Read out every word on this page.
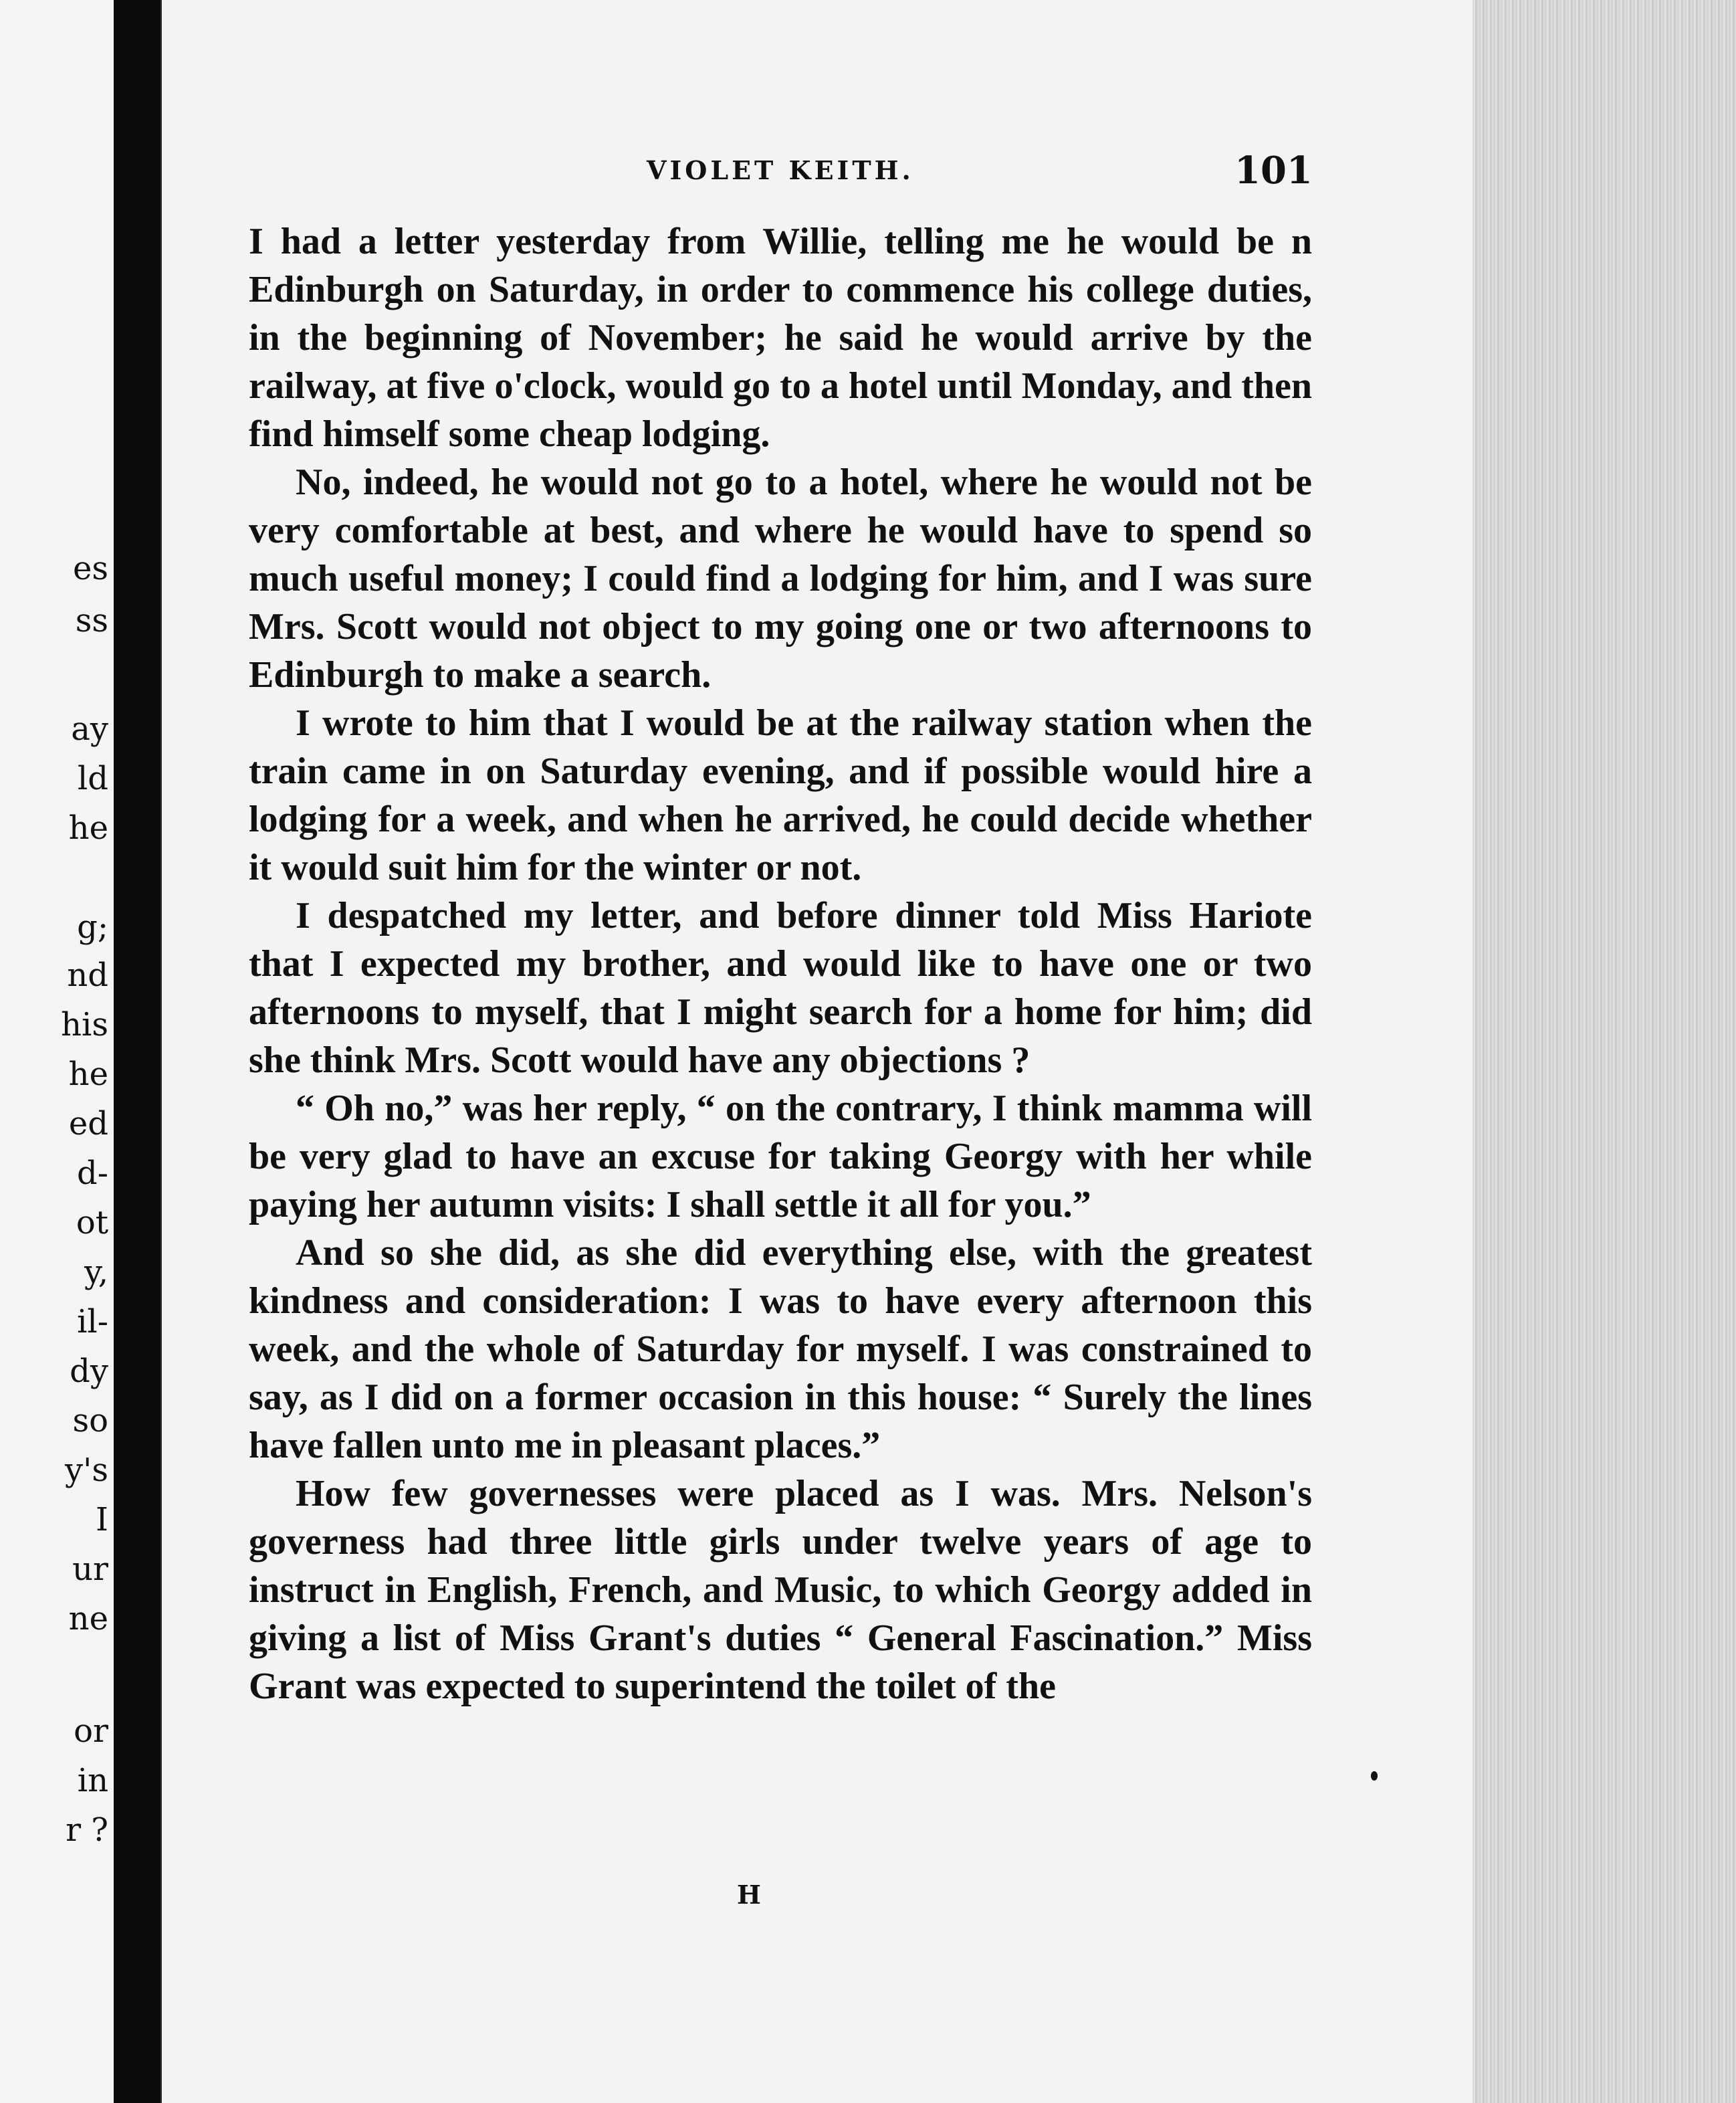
es
ss
ay
ld
he
g;
nd
his
he
ed
d-
ot
y,
il-
dy
so
y's
I
ur
ne
or
in
r ?
VIOLET KEITH.	101

I had a letter yesterday from Willie, telling me he would be n Edinburgh on Saturday, in order to commence his college duties, in the beginning of November; he said he would arrive by the railway, at five o'clock, would go to a hotel until Monday, and then find himself some cheap lodging.

No, indeed, he would not go to a hotel, where he would not be very comfortable at best, and where he would have to spend so much useful money; I could find a lodging for him, and I was sure Mrs. Scott would not object to my going one or two afternoons to Edinburgh to make a search.

I wrote to him that I would be at the railway station when the train came in on Saturday evening, and if possible would hire a lodging for a week, and when he arrived, he could decide whether it would suit him for the winter or not.

I despatched my letter, and before dinner told Miss Hariote that I expected my brother, and would like to have one or two afternoons to myself, that I might search for a home for him; did she think Mrs. Scott would have any objections ?

“ Oh no,” was her reply, “ on the contrary, I think mamma will be very glad to have an excuse for taking Georgy with her while paying her autumn visits: I shall settle it all for you.”

And so she did, as she did everything else, with the greatest kindness and consideration: I was to have every afternoon this week, and the whole of Saturday for myself. I was constrained to say, as I did on a former occasion in this house: “ Surely the lines have fallen unto me in pleasant places.”

How few governesses were placed as I was. Mrs. Nelson's governess had three little girls under twelve years of age to instruct in English, French, and Music, to which Georgy added in giving a list of Miss Grant's duties “ General Fascination.” Miss Grant was expected to superintend the toilet of the

H
